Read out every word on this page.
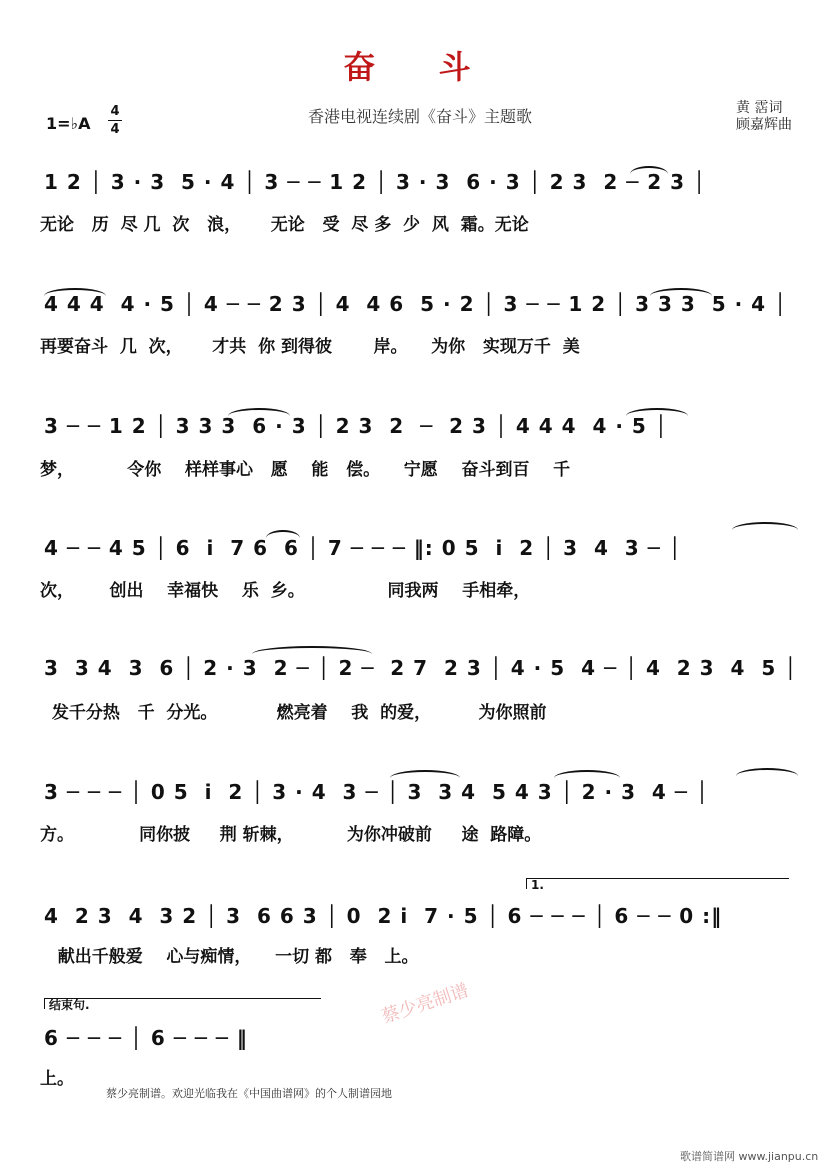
奋 斗
1=♭A
4
4
香港电视连续剧《奋斗》主题歌	黄 霑词
顾嘉辉曲
1 2 │ 3 · 3  5 · 4 │ 3 ─ ─ 1 2 │ 3 · 3  6 · 3 │ 2 3  2 ─ 2 3 │
无论   历  尽 几  次   浪，     无论   受  尽 多  少  风  霜。无论
4 4 4  4 · 5 │ 4 ─ ─ 2 3 │ 4  4 6  5 · 2 │ 3 ─ ─ 1 2 │ 3 3 3  5 · 4 │
再要奋斗  几  次，     才共  你 到得彼       岸。    为你   实现万千  美
3 ─ ─ 1 2 │ 3 3 3  6 · 3 │ 2 3  2  ─  2 3 │ 4 4 4  4 · 5 │
梦，         令你    样样事心   愿    能   偿。    宁愿    奋斗到百    千
4 ─ ─ 4 5 │ 6  i  7 6  6 │ 7 ─ ─ ─ ‖: 0 5  i  2 │ 3  4  3 ─ │
次，      创出    幸福快    乐  乡。              同我两    手相牵，
3  3 4  3  6 │ 2 · 3  2 ─ │ 2 ─  2 7  2 3 │ 4 · 5  4 ─ │ 4  2 3  4  5 │
发千分热   千  分光。          燃亮着    我  的爱，        为你照前
3 ─ ─ ─ │ 0 5  i  2 │ 3 · 4  3 ─ │ 3  3 4  5 4 3 │ 2 · 3  4 ─ │
方。           同你披     荆 斩棘，         为你冲破前     途  路障。
1.
4  2 3  4  3 2 │ 3  6 6 3 │ 0  2 i  7 · 5 │ 6 ─ ─ ─ │ 6 ─ ─ 0 :‖
献出千般爱    心与痴情，    一切 都   奉   上。
结束句.
6 ─ ─ ─ │ 6 ─ ─ ─ ‖
上。
蔡少亮制谱
蔡少亮制谱。欢迎光临我在《中国曲谱网》的个人制谱园地
歌谱简谱网 www.jianpu.cn
